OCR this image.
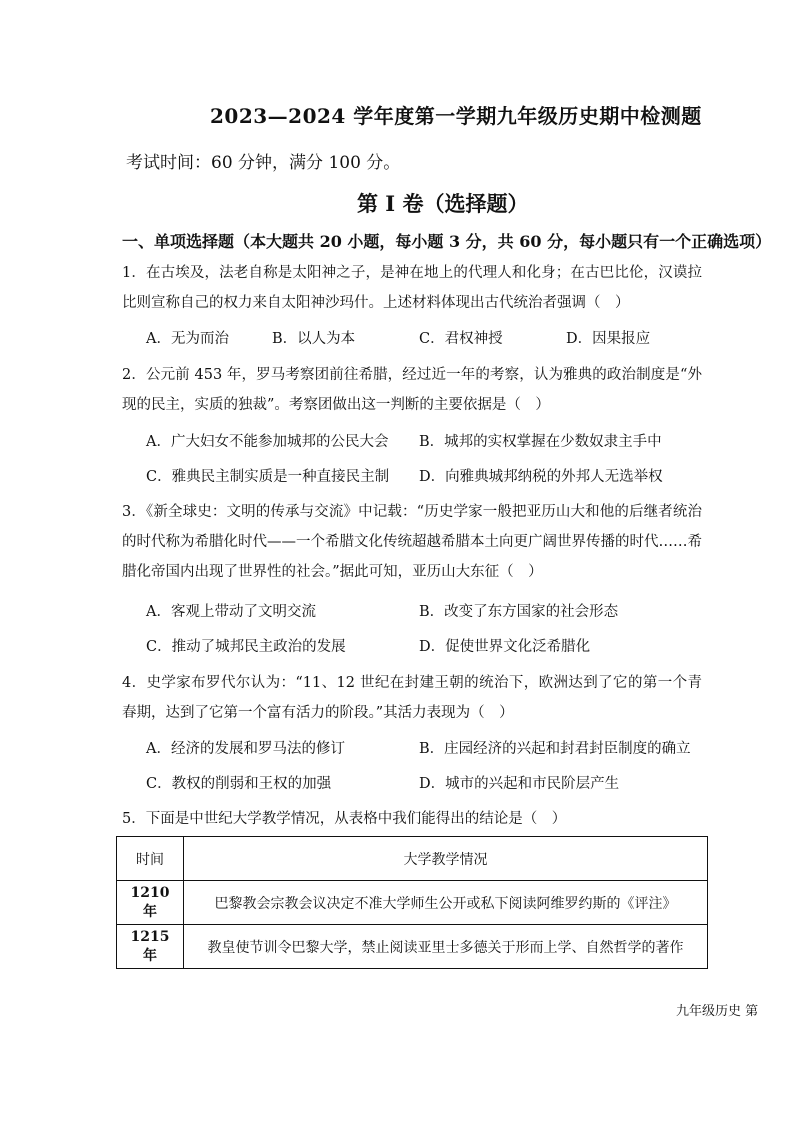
2023—2024 学年度第一学期九年级历史期中检测题
考试时间：60 分钟，满分 100 分。
第 I 卷（选择题）
一、单项选择题（本大题共 20 小题，每小题 3 分，共 60 分，每小题只有一个正确选项）
1．在古埃及，法老自称是太阳神之子，是神在地上的代理人和化身；在古巴比伦，汉谟拉比则宣称自己的权力来自太阳神沙玛什。上述材料体现出古代统治者强调（　）
A．无为而治	B．以人为本	C．君权神授	D．因果报应
2．公元前 453 年，罗马考察团前往希腊，经过近一年的考察，认为雅典的政治制度是“外现的民主，实质的独裁”。考察团做出这一判断的主要依据是（　）
A．广大妇女不能参加城邦的公民大会 B．城邦的实权掌握在少数奴隶主手中
C．雅典民主制实质是一种直接民主制 D．向雅典城邦纳税的外邦人无选举权
3．《新全球史：文明的传承与交流》中记载：“历史学家一般把亚历山大和他的后继者统治的时代称为希腊化时代——一个希腊文化传统超越希腊本土向更广阔世界传播的时代……希腊化帝国内出现了世界性的社会。”据此可知，亚历山大东征（　）
A．客观上带动了文明交流	B．改变了东方国家的社会形态
C．推动了城邦民主政治的发展	D．促使世界文化泛希腊化
4．史学家布罗代尔认为：“11、12 世纪在封建王朝的统治下，欧洲达到了它的第一个青春期，达到了它第一个富有活力的阶段。”其活力表现为（　）
A．经济的发展和罗马法的修订	B．庄园经济的兴起和封君封臣制度的确立
C．教权的削弱和王权的加强	D．城市的兴起和市民阶层产生
5．下面是中世纪大学教学情况，从表格中我们能得出的结论是（　）
时间	大学教学情况
1210 年	巴黎教会宗教会议决定不准大学师生公开或私下阅读阿维罗约斯的《评注》
1215 年	教皇使节训令巴黎大学，禁止阅读亚里士多德关于形而上学、自然哲学的著作
九年级历史 第
